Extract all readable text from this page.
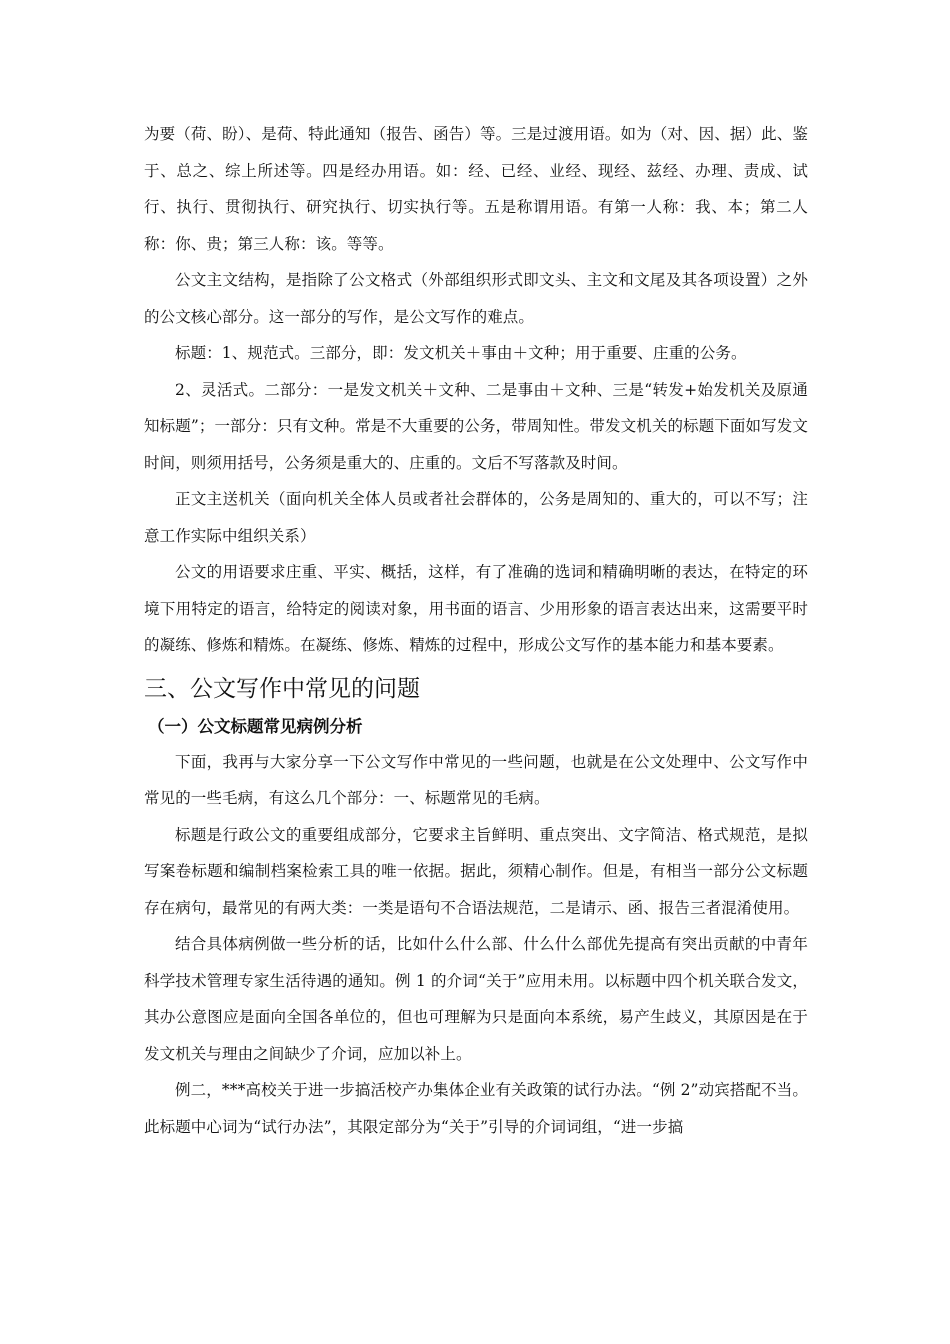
为要（荷、盼）、是荷、特此通知（报告、函告）等。三是过渡用语。如为（对、因、据）此、鉴于、总之、综上所述等。四是经办用语。如：经、已经、业经、现经、兹经、办理、责成、试行、执行、贯彻执行、研究执行、切实执行等。五是称谓用语。有第一人称：我、本；第二人称：你、贵；第三人称：该。等等。

公文主文结构，是指除了公文格式（外部组织形式即文头、主文和文尾及其各项设置）之外的公文核心部分。这一部分的写作，是公文写作的难点。

标题：1、规范式。三部分，即：发文机关＋事由＋文种；用于重要、庄重的公务。

2、灵活式。二部分：一是发文机关＋文种、二是事由＋文种、三是“转发+始发机关及原通知标题”；一部分：只有文种。常是不大重要的公务，带周知性。带发文机关的标题下面如写发文时间，则须用括号，公务须是重大的、庄重的。文后不写落款及时间。

正文主送机关（面向机关全体人员或者社会群体的，公务是周知的、重大的，可以不写；注意工作实际中组织关系）

公文的用语要求庄重、平实、概括，这样，有了准确的选词和精确明晰的表达，在特定的环境下用特定的语言，给特定的阅读对象，用书面的语言、少用形象的语言表达出来，这需要平时的凝练、修炼和精炼。在凝练、修炼、精炼的过程中，形成公文写作的基本能力和基本要素。

三、公文写作中常见的问题
（一）公文标题常见病例分析

下面，我再与大家分享一下公文写作中常见的一些问题，也就是在公文处理中、公文写作中常见的一些毛病，有这么几个部分：一、标题常见的毛病。

标题是行政公文的重要组成部分，它要求主旨鲜明、重点突出、文字简洁、格式规范，是拟写案卷标题和编制档案检索工具的唯一依据。据此，须精心制作。但是，有相当一部分公文标题存在病句，最常见的有两大类：一类是语句不合语法规范，二是请示、函、报告三者混淆使用。

结合具体病例做一些分析的话，比如什么什么部、什么什么部优先提高有突出贡献的中青年科学技术管理专家生活待遇的通知。例 1 的介词“关于”应用未用。以标题中四个机关联合发文，其办公意图应是面向全国各单位的，但也可理解为只是面向本系统，易产生歧义，其原因是在于发文机关与理由之间缺少了介词，应加以补上。

例二，***高校关于进一步搞活校产办集体企业有关政策的试行办法。“例 2”动宾搭配不当。此标题中心词为“试行办法”，其限定部分为“关于”引导的介词词组，“进一步搞
